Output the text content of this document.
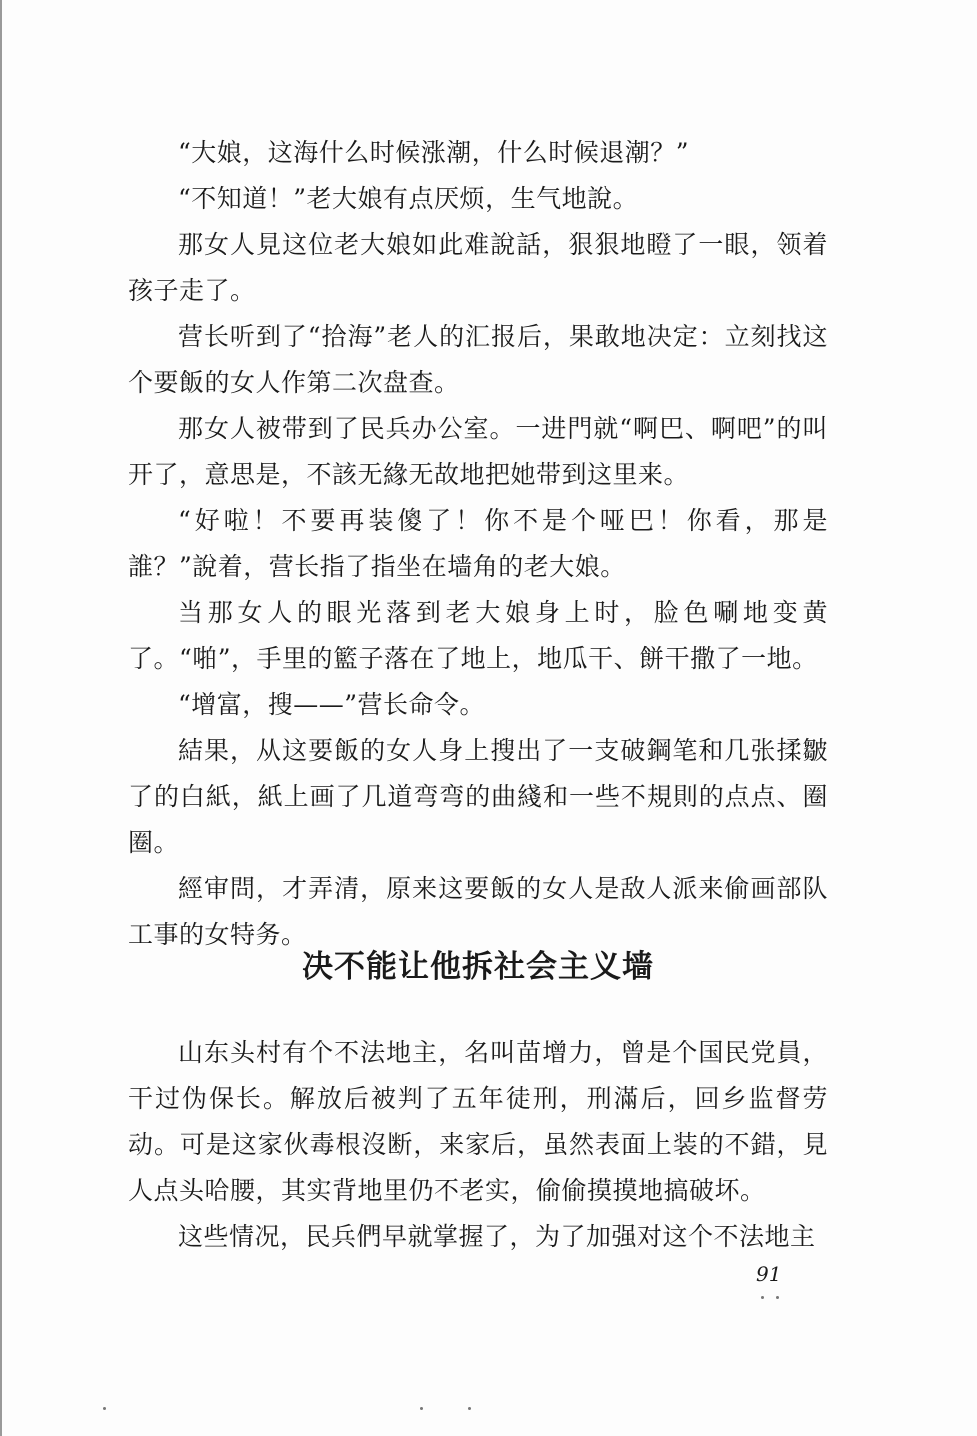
“大娘，这海什么时候涨潮，什么时候退潮？”

“不知道！”老大娘有点厌烦，生气地說。

那女人見这位老大娘如此难說話，狠狠地瞪了一眼，领着孩子走了。

营长听到了“拾海”老人的汇报后，果敢地决定：立刻找这个要飯的女人作第二次盘查。

那女人被带到了民兵办公室。一进門就“啊巴、啊吧”的叫开了，意思是，不該无緣无故地把她带到这里来。

“好啦！不要再装傻了！你不是个哑巴！你看，那是誰？”說着，营长指了指坐在墙角的老大娘。

当那女人的眼光落到老大娘身上时，脸色唰地变黄了。“啪”，手里的籃子落在了地上，地瓜干、餅干撒了一地。

“增富，搜——”营长命令。

結果，从这要飯的女人身上搜出了一支破鋼笔和几张揉皺了的白紙，紙上画了几道弯弯的曲綫和一些不規則的点点、圈圈。

經审問，才弄清，原来这要飯的女人是敌人派来偷画部队工事的女特务。

决不能让他拆社会主义墙

山东头村有个不法地主，名叫苗增力，曾是个国民党員，干过伪保长。解放后被判了五年徒刑，刑滿后，回乡监督劳动。可是这家伙毒根沒断，来家后，虽然表面上装的不錯，見人点头哈腰，其实背地里仍不老实，偷偷摸摸地搞破坏。

这些情况，民兵們早就掌握了，为了加强对这个不法地主

91
